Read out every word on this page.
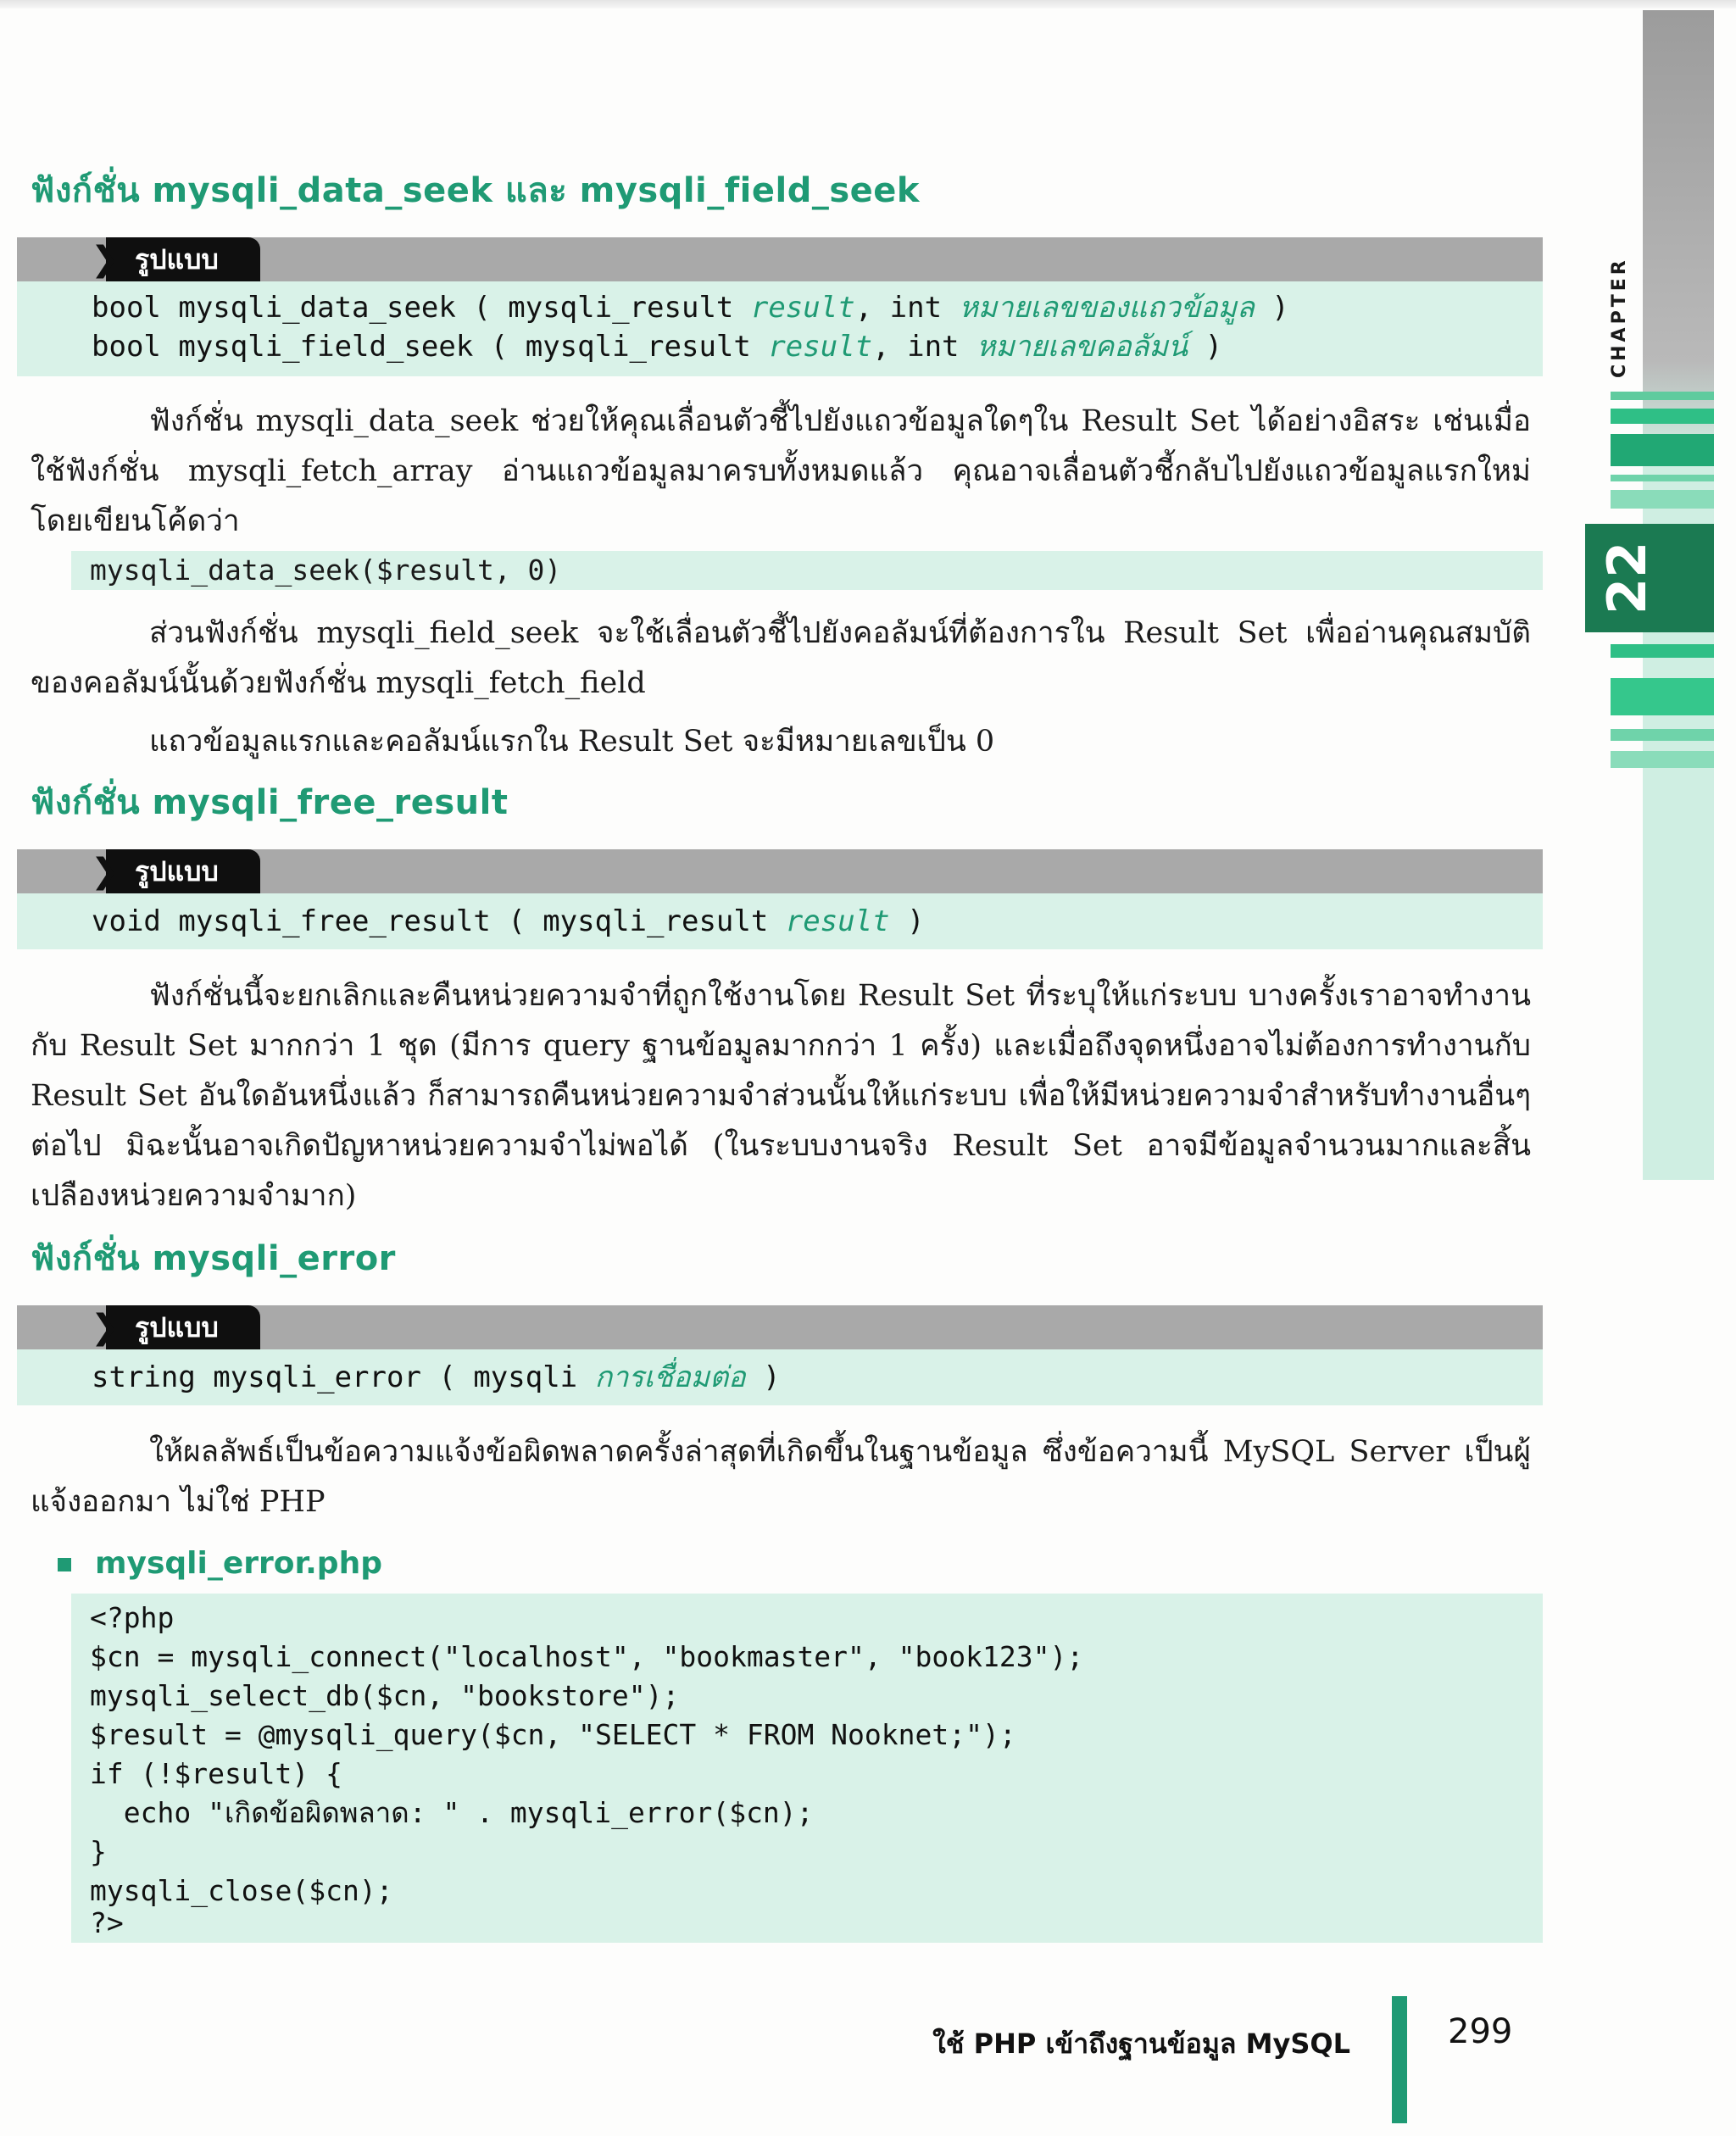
CHAPTER
22
ฟังก์ชั่น mysqli_data_seek และ mysqli_field_seek
❯ รูปแบบ
bool mysqli_data_seek ( mysqli_result result, int หมายเลขของแถวข้อมูล )
bool mysqli_field_seek ( mysqli_result result, int หมายเลขคอลัมน์ )
ฟังก์ชั่น mysqli_data_seek ช่วยให้คุณเลื่อนตัวชี้ไปยังแถวข้อมูลใดๆใน Result Set ได้อย่างอิสระ เช่นเมื่อใช้ฟังก์ชั่น mysqli_fetch_array อ่านแถวข้อมูลมาครบทั้งหมดแล้ว คุณอาจเลื่อนตัวชี้กลับไปยังแถวข้อมูลแรกใหม่ โดยเขียนโค้ดว่า
mysqli_data_seek($result, 0)
ส่วนฟังก์ชั่น mysqli_field_seek จะใช้เลื่อนตัวชี้ไปยังคอลัมน์ที่ต้องการใน Result Set เพื่ออ่านคุณสมบัติของคอลัมน์นั้นด้วยฟังก์ชั่น mysqli_fetch_field
แถวข้อมูลแรกและคอลัมน์แรกใน Result Set จะมีหมายเลขเป็น 0
ฟังก์ชั่น mysqli_free_result
❯ รูปแบบ
void mysqli_free_result ( mysqli_result result )
ฟังก์ชั่นนี้จะยกเลิกและคืนหน่วยความจำที่ถูกใช้งานโดย Result Set ที่ระบุให้แก่ระบบ บางครั้งเราอาจทำงานกับ Result Set มากกว่า 1 ชุด (มีการ query ฐานข้อมูลมากกว่า 1 ครั้ง) และเมื่อถึงจุดหนึ่งอาจไม่ต้องการทำงานกับ Result Set อันใดอันหนึ่งแล้ว ก็สามารถคืนหน่วยความจำส่วนนั้นให้แก่ระบบ เพื่อให้มีหน่วยความจำสำหรับทำงานอื่นๆต่อไป มิฉะนั้นอาจเกิดปัญหาหน่วยความจำไม่พอได้ (ในระบบงานจริง Result Set อาจมีข้อมูลจำนวนมากและสิ้นเปลืองหน่วยความจำมาก)
ฟังก์ชั่น mysqli_error
❯ รูปแบบ
string mysqli_error ( mysqli การเชื่อมต่อ )
ให้ผลลัพธ์เป็นข้อความแจ้งข้อผิดพลาดครั้งล่าสุดที่เกิดขึ้นในฐานข้อมูล ซึ่งข้อความนี้ MySQL Server เป็นผู้แจ้งออกมา ไม่ใช่ PHP
mysqli_error.php
<?php
$cn = mysqli_connect("localhost", "bookmaster", "book123");
mysqli_select_db($cn, "bookstore");
$result = @mysqli_query($cn, "SELECT * FROM Nooknet;");
if (!$result) {
echo "เกิดข้อผิดพลาด: " . mysqli_error($cn);
}
mysqli_close($cn);
?>
ใช้ PHP เข้าถึงฐานข้อมูล MySQL	299
